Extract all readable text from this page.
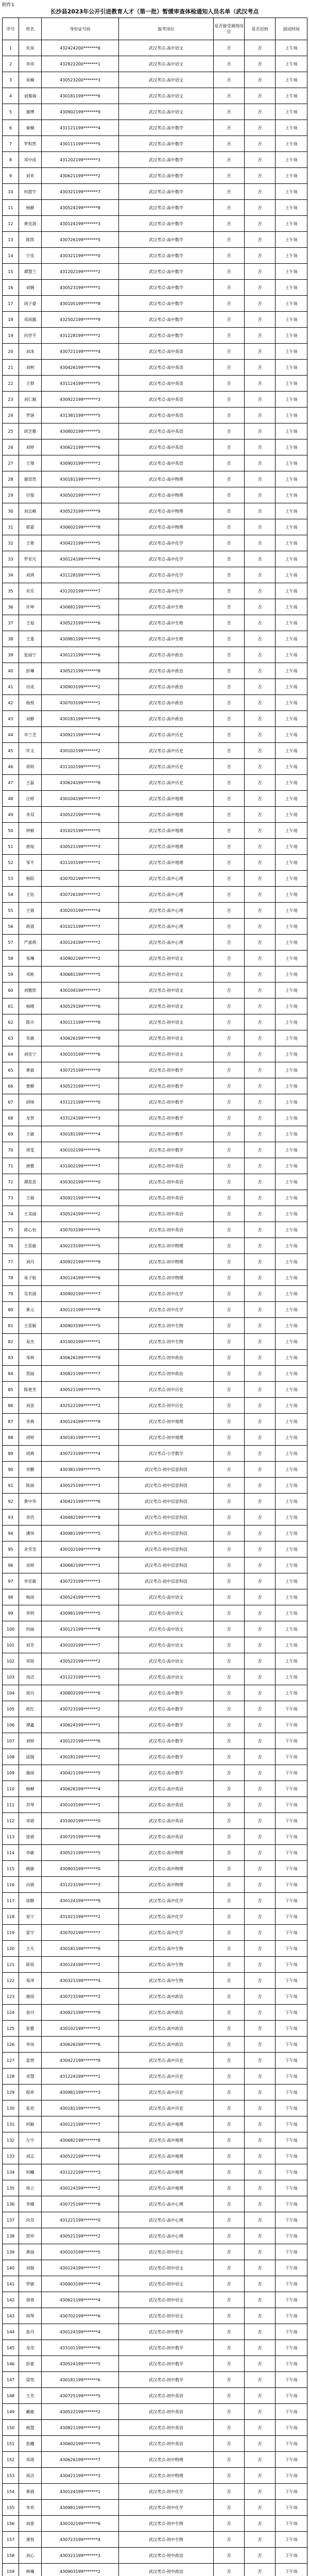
附件1
长沙县2023年公开引进教育人才（第一批）暂缓审查体检通知人员名单（武汉考点
序号	姓名	身份证号码	报考岗位	是否接受调剂岗位	是否迟到	面试时间
1	朱岚	432424200*******6	武汉考点-高中语文	否	否	上午场
2	李祎	432822200*******1	武汉考点-高中语文	否	否	上午场
3	易楠	430523200*******3	武汉考点-高中语文	否	否	上午场
4	刘慕瑜	430181199*******6	武汉考点-高中语文	否	否	上午场
5	谢博	430902199*******9	武汉考点-高中语文	否	否	上午场
6	秦楠	431121199*******4	武汉考点-高中数学	否	否	上午场
7	罗和然	430111199*******5	武汉考点-高中数学	否	否	上午场
8	邓中成	431202199*******3	武汉考点-高中数学	否	否	上午场
9	刘欢	430621199*******2	武汉考点-高中数学	否	否	上午场
10	何超宇	430321199*******7	武汉考点-高中数学	否	否	上午场
11	杨静	430524199*******8	武汉考点-高中数学	否	否	上午场
12	黄佳润	430124199*******3	武汉考点-高中数学	否	否	上午场
13	陈凯	430726199*******5	武汉考点-高中数学	否	否	上午场
14	宁佳	430321199*******0	武汉考点-高中数学	否	否	上午场
15	谭慧兰	431202199*******2	武汉考点-高中数学	否	否	上午场
16	刘婉	430523199*******1	武汉考点-高中数学	否	否	上午场
17	胡子豪	430105199*******8	武汉考点-高中数学	否	否	上午场
18	邓雨露	432502199*******9	武汉考点-高中数学	否	否	上午场
19	向世平	431228199*******2	武汉考点-高中数学	否	否	上午场
20	刘冰	430721199*******4	武汉考点-高中英语	否	否	上午场
21	刘柯	430426199*******6	武汉考点-高中英语	否	否	上午场
22	王群	431124199*******5	武汉考点-高中英语	否	否	上午场
23	刘仁颖	430922199*******3	武汉考点-高中英语	否	否	上午场
24	罗涵	431381199*******5	武汉考点-高中英语	否	否	上午场
25	胡芝雅	430802199*******5	武汉考点-高中英语	否	否	上午场
26	刘婷	430621199*******6	武汉考点-高中英语	否	否	上午场
27	王翔	430903199*******2	武汉考点-高中英语	否	否	上午场
28	谢语然	430181199*******3	武汉考点-高中物理	否	否	上午场
29	付俊	430502199*******7	武汉考点-高中物理	否	否	上午场
30	刘志峰	430523199*******9	武汉考点-高中物理	否	否	上午场
31	郭嘉	430602199*******8	武汉考点-高中物理	否	否	上午场
32	王艳	430421199*******5	武汉考点-高中化学	否	否	上午场
33	罗亚凡	430124199*******4	武汉考点-高中化学	否	否	上午场
34	刘鸿	431128199*******5	武汉考点-高中化学	否	否	上午场
35	肖乐	431202199*******7	武汉考点-高中化学	否	否	上午场
36	许坤	430681199*******5	武汉考点-高中生物	否	否	上午场
37	王旭	430523199*******6	武汉考点-高中生物	否	否	上午场
38	王莲	430981199*******0	武汉考点-高中生物	否	否	上午场
39	张丽宁	430121199*******6	武汉考点-高中政治	否	否	上午场
40	彭琳	430521199*******8	武汉考点-高中政治	否	否	上午场
41	付成	430903199*******2	武汉考点-高中政治	否	否	上午场
42	杨悦	430703199*******1	武汉考点-高中政治	否	否	上午场
43	刘静	430181199*******6	武汉考点-高中政治	否	否	上午场
44	李兰芝	430921199*******4	武汉考点-高中历史	否	否	上午场
45	许文	430102199*******2	武汉考点-高中历史	否	否	上午场
46	周明	431102199*******3	武汉考点-高中历史	否	否	上午场
47	王磊	430624199*******8	武汉考点-高中历史	否	否	上午场
48	汪婷	430104199*******7	武汉考点-高中地理	否	否	上午场
49	李双	430522199*******6	武汉考点-高中地理	否	否	上午场
50	钟颖	431025199*******5	武汉考点-高中地理	否	否	上午场
51	唐灿	430521199*******3	武汉考点-高中地理	否	否	上午场
52	邹平	431103199*******1	武汉考点-高中地理	否	否	上午场
53	杨阳	430702199*******5	武汉考点-高中心理	否	否	上午场
54	王钰	430726199*******2	武汉考点-高中心理	否	否	上午场
55	王倩	430203199*******4	武汉考点-高中心理	否	否	上午场
56	蒋倩	431021199*******7	武汉考点-高中心理	否	否	上午场
57	严嘉萌	430124199*******2	武汉考点-高中心理	否	否	上午场
58	易琳	430902199*******2	武汉考点-初中语文	否	否	上午场
59	邓彬	430681199*******5	武汉考点-初中语文	否	否	上午场
60	刘雅欣	430104199*******3	武汉考点-初中语文	否	否	上午场
61	杨晴	430529199*******6	武汉考点-初中语文	否	否	上午场
62	陈卉	430111199*******8	武汉考点-初中语文	否	否	上午场
63	朱敏	430626199*******8	武汉考点-初中语文	否	否	上午场
64	刘佳宁	430103199*******6	武汉考点-初中语文	否	否	上午场
65	黄毅	430725199*******9	武汉考点-初中数学	否	否	上午场
66	曹静	430523199*******1	武汉考点-初中数学	否	否	上午场
67	胡帅	431121199*******0	武汉考点-初中数学	否	否	上午场
68	龙智	433124199*******3	武汉考点-初中数学	否	否	上午场
69	王敏	430181199*******4	武汉考点-初中数学	否	否	上午场
70	周雯	430102199*******6	武汉考点-初中数学	否	否	上午场
71	唐雅	431002199*******7	武汉考点-初中英语	否	否	上午场
72	谭思思	430302199*******0	武汉考点-初中英语	否	否	上午场
73	王娟	430921199*******4	武汉考点-初中英语	否	否	上午场
74	王美丽	430524199*******2	武汉考点-初中英语	否	否	上午场
75	蒋心怡	430703199*******5	武汉考点-初中英语	否	否	上午场
76	王思敏	430223199*******5	武汉考点-初中物理	否	否	上午场
77	刘丹	430922199*******9	武汉考点-初中物理	否	否	上午场
78	易子航	430124199*******6	武汉考点-初中物理	否	否	上午场
79	吴若涵	430902199*******7	武汉考点-初中化学	否	否	上午场
80	黄元	430121199*******8	武汉考点-初中化学	否	否	上午场
81	王思颖	430903199*******5	武汉考点-初中生物	否	否	上午场
82	易杰	431002199*******1	武汉考点-初中生物	否	否	上午场
83	邹林	430626199*******9	武汉考点-初中政治	否	否	上午场
84	贺丽	430821199*******7	武汉考点-初中政治	否	否	上午场
85	陈艳芳	430521199*******5	武汉考点-初中历史	否	否	上午场
86	刘苗	432522199*******2	武汉考点-初中历史	否	否	上午场
87	李燕	430124199*******9	武汉考点-初中地理	否	否	上午场
88	胡婷	430181199*******1	武汉考点-初中地理	否	否	上午场
89	胡燕	430723199*******4	武汉考点-小学数学	否	否	上午场
90	李鹏	430381199*******5	武汉考点-初中信息科技	否	否	上午场
91	陈丽	430525199*******3	武汉考点-初中信息科技	否	否	上午场
92	黄中华	430421199*******6	武汉考点-初中信息科技	否	否	上午场
93	李浩	430482199*******8	武汉考点-初中信息科技	否	否	上午场
94	潘伟	430981199*******5	武汉考点-初中信息科技	否	否	上午场
95	余雪莹	430102199*******8	武汉考点-初中信息科技	否	否	上午场
96	余婷	430682199*******1	武汉考点-初中信息科技	否	否	上午场
97	李亚敏	430723199*******3	武汉考点-初中信息科技	否	否	上午场
98	杨雨	430524199*******5	武汉考点-高中语文	否	否	上午场
99	李明	430981199*******5	武汉考点-高中语文	否	否	上午场
100	何丽	430121199*******8	武汉考点-高中语文	否	否	上午场
101	刘芳	430102199*******7	武汉考点-高中语文	否	否	上午场
102	邓锐	430522199*******2	武汉考点-高中语文	否	否	上午场
103	汤洁	431223199*******5	武汉考点-高中语文	否	否	上午场
104	周丹	430802199*******6	武汉考点-高中数学	否	否	上午场
105	蒋红	430723199*******2	武汉考点-高中数学	否	否	下午场
106	谭鑫	430624199*******1	武汉考点-高中数学	否	否	下午场
107	刘婷	430122199*******6	武汉考点-高中数学	否	否	下午场
108	邱瑞	430181199*******2	武汉考点-高中数学	否	否	下午场
109	谢雨	430421199*******5	武汉考点-高中数学	否	否	下午场
110	杨柳	430626199*******4	武汉考点-高中英语	否	否	下午场
111	苏琴	430103199*******1	武汉考点-高中英语	否	否	下午场
112	邓倩	431002199*******0	武汉考点-高中英语	否	否	下午场
113	徐倩	430725199*******8	武汉考点-高中英语	否	否	下午场
114	李敏	430521199*******5	武汉考点-高中物理	否	否	下午场
115	姚敏	430903199*******0	武汉考点-高中物理	否	否	下午场
116	向倩	431223199*******3	武汉考点-高中物理	否	否	下午场
117	徐静	430124199*******9	武汉考点-高中化学	否	否	下午场
118	易宁	431021199*******2	武汉考点-高中化学	否	否	下午场
119	雷宇	430702199*******7	武汉考点-高中化学	否	否	下午场
120	王凡	430181199*******9	武汉考点-高中生物	否	否	下午场
121	陈锐	430124199*******2	武汉考点-高中生物	否	否	下午场
122	易泽	430321199*******4	武汉考点-高中生物	否	否	下午场
123	谢雨	430723199*******3	武汉考点-高中政治	否	否	下午场
124	袁丹	430921199*******9	武汉考点-高中政治	否	否	下午场
125	张雅	430102199*******2	武汉考点-高中政治	否	否	下午场
126	李岚	430626199*******6	武汉考点-高中政治	否	否	下午场
127	姜智	430422199*******9	武汉考点-高中历史	否	否	下午场
128	邓慧	431224199*******1	武汉考点-高中历史	否	否	下午场
129	程祥	430981199*******3	武汉考点-高中历史	否	否	下午场
130	张欢	430181199*******5	武汉考点-高中历史	否	否	下午场
131	何颖	430121199*******7	武汉考点-高中地理	否	否	下午场
132	左宇	430682199*******8	武汉考点-高中地理	否	否	下午场
133	刘志	430522199*******4	武汉考点-高中地理	否	否	下午场
134	何曦	431122199*******3	武汉考点-高中地理	否	否	下午场
135	周立	430124199*******2	武汉考点-高中地理	否	否	下午场
136	李娜	430725199*******6	武汉考点-高中心理	否	否	下午场
137	向芬	431221199*******0	武汉考点-高中心理	否	否	下午场
138	贺珍	430521199*******2	武汉考点-高中心理	否	否	下午场
139	黄丽	430103199*******5	武汉考点-初中语文	否	否	下午场
140	刘娟	430124199*******7	武汉考点-初中语文	否	否	下午场
141	罗敏	430903199*******4	武汉考点-初中语文	否	否	下午场
142	聂蓉	430621199*******4	武汉考点-初中语文	否	否	下午场
143	胡琴	430702199*******6	武汉考点-初中语文	否	否	下午场
144	张丹	430124199*******4	武汉考点-初中数学	否	否	下午场
145	龙佳	433101199*******6	武汉考点-初中数学	否	否	下午场
146	彭豪	430524199*******5	武汉考点-初中数学	否	否	下午场
147	梁奕	430181199*******6	武汉考点-初中数学	否	否	下午场
148	王芳	430725199*******5	武汉考点-初中英语	否	否	下午场
149	戴敏	430522199*******2	武汉考点-初中英语	否	否	下午场
150	杨慧	430821199*******3	武汉考点-初中英语	否	否	下午场
151	张曦	430602199*******5	武汉考点-初中英语	否	否	下午场
152	邓瑶	430626199*******7	武汉考点-初中物理	否	否	下午场
153	周洁	430421199*******3	武汉考点-初中物理	否	否	下午场
154	黄倩	430124199*******1	武汉考点-初中化学	否	否	下午场
155	李欢	430981199*******5	武汉考点-初中化学	否	否	下午场
156	刘意	430102199*******6	武汉考点-初中生物	否	否	下午场
157	龚悦	430723199*******4	武汉考点-初中生物	否	否	下午场
158	刘心	430321199*******3	武汉考点-初中政治	否	否	下午场
159	林琳	430903199*******2	武汉考点-初中政治	否	否	下午场
